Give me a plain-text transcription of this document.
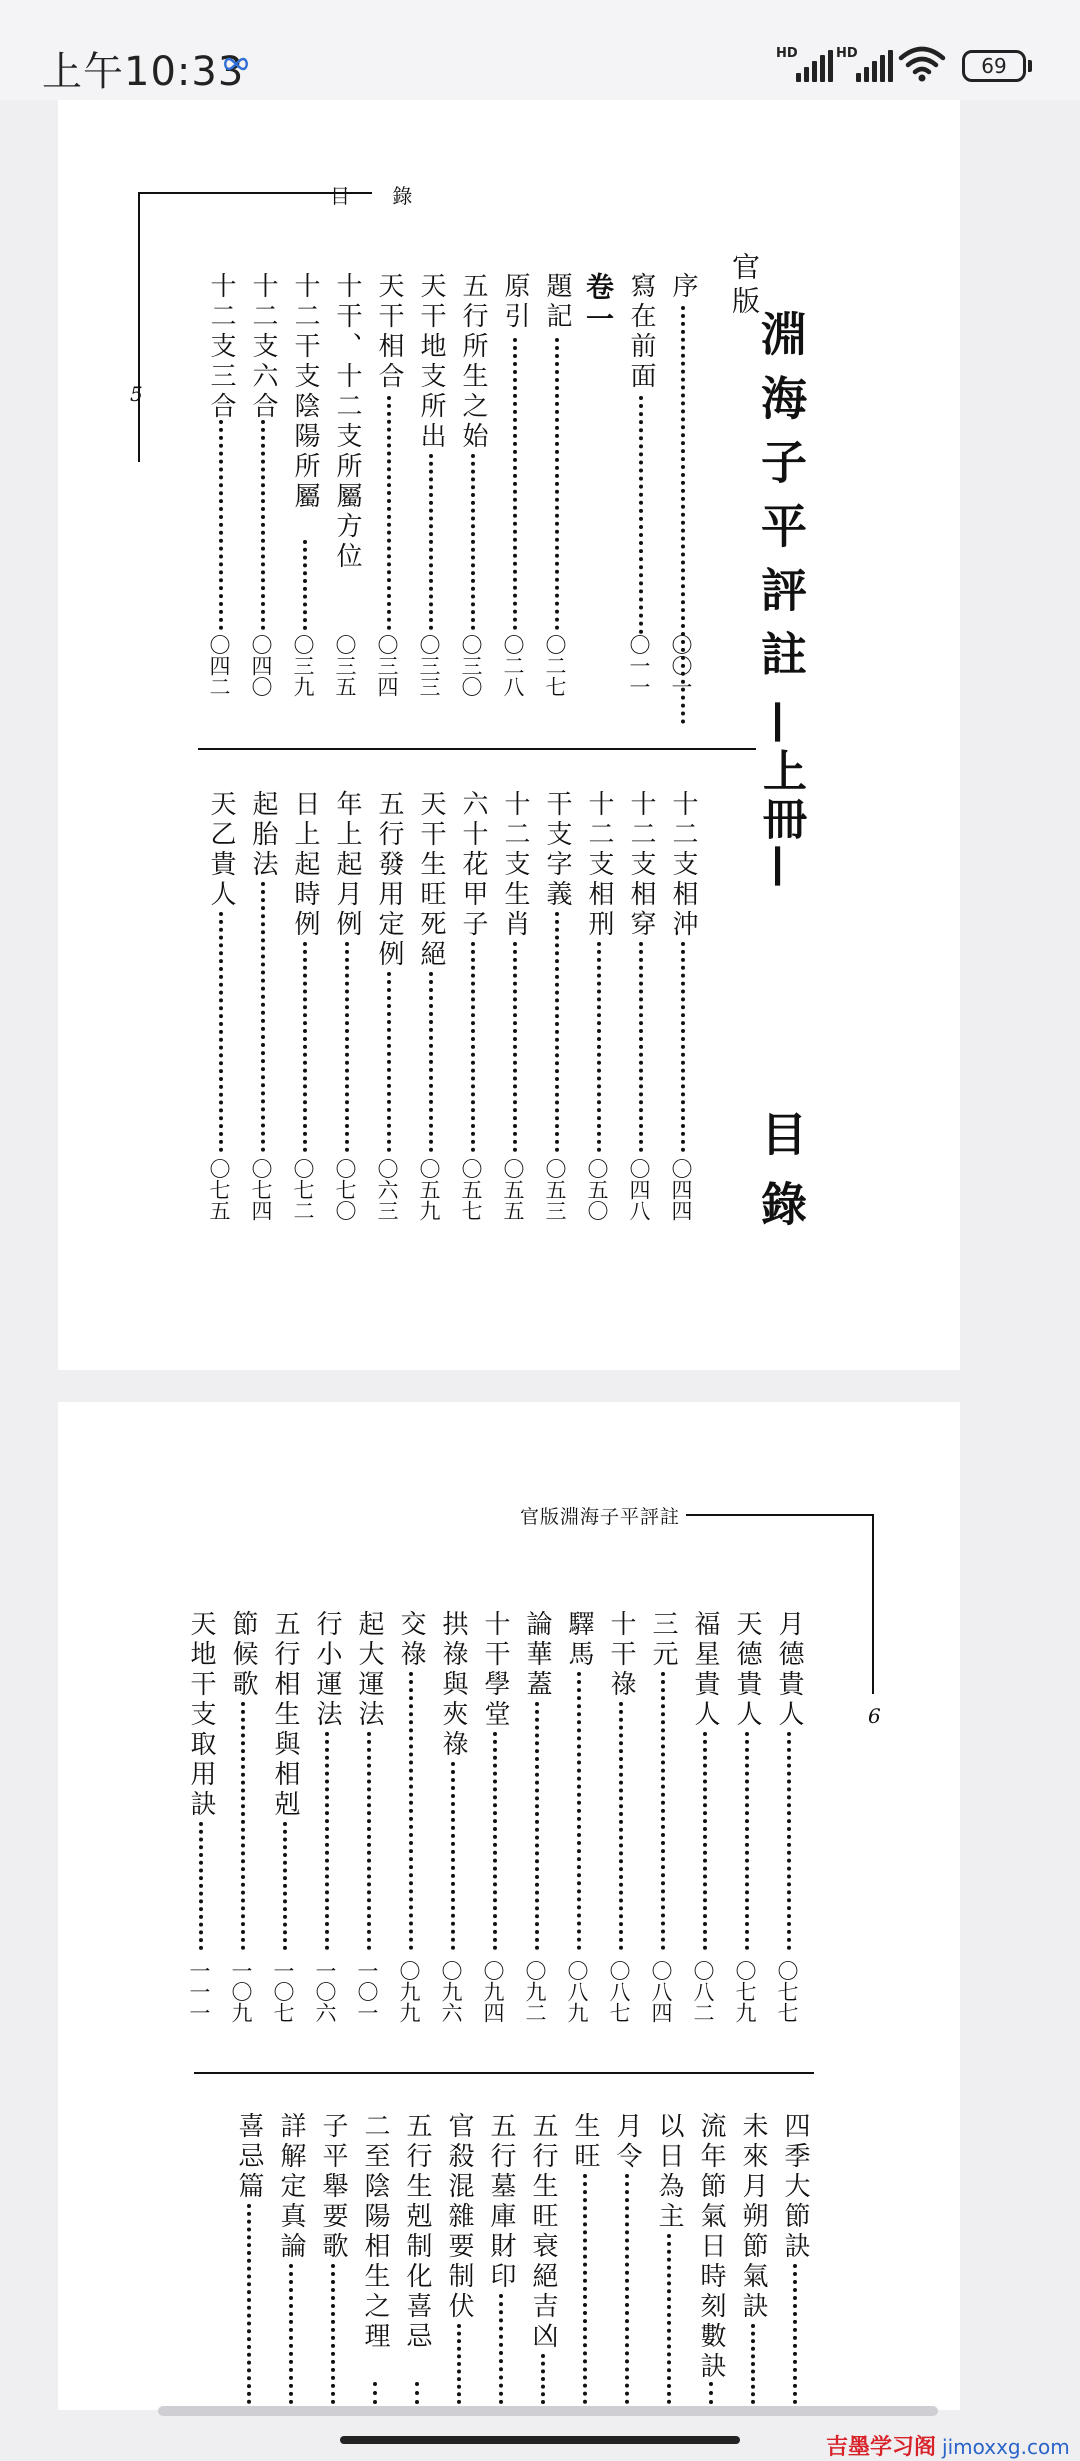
上午10:33	HD	HD
69
目 錄
5
官版
淵海子平評註
—上冊—
目錄
序
〇〇一
寫在前面
〇一一
卷一
題記
〇二七
原引
〇二八
五行所生之始
〇三〇
天干地支所出
〇三三
天干相合
〇三四
十干、十二支所屬方位
〇三五
十二干支陰陽所屬
〇三九
十二支六合
〇四〇
十二支三合
〇四二
十二支相沖
〇四四
十二支相穿
〇四八
十二支相刑
〇五〇
干支字義
〇五三
十二支生肖
〇五五
六十花甲子
〇五七
天干生旺死絕
〇五九
五行發用定例
〇六三
年上起月例
〇七〇
日上起時例
〇七二
起胎法
〇七四
天乙貴人
〇七五
官版淵海子平評註
6
月德貴人
〇七七
天德貴人
〇七九
福星貴人
〇八二
三元
〇八四
十干祿
〇八七
驛馬
〇八九
論華蓋
〇九二
十干學堂
〇九四
拱祿與夾祿
〇九六
交祿
〇九九
起大運法
一〇一
行小運法
一〇六
五行相生與相剋
一〇七
節候歌
一〇九
天地干支取用訣
一一一
四季大節訣
未來月朔節氣訣
流年節氣日時刻數訣
以日為主
月令
生旺
五行生旺衰絕吉凶
五行墓庫財印
官殺混雜要制伏
五行生剋制化喜忌
二至陰陽相生之理
子平舉要歌
詳解定真論
喜忌篇
吉墨学习阁 jimoxxg.com
